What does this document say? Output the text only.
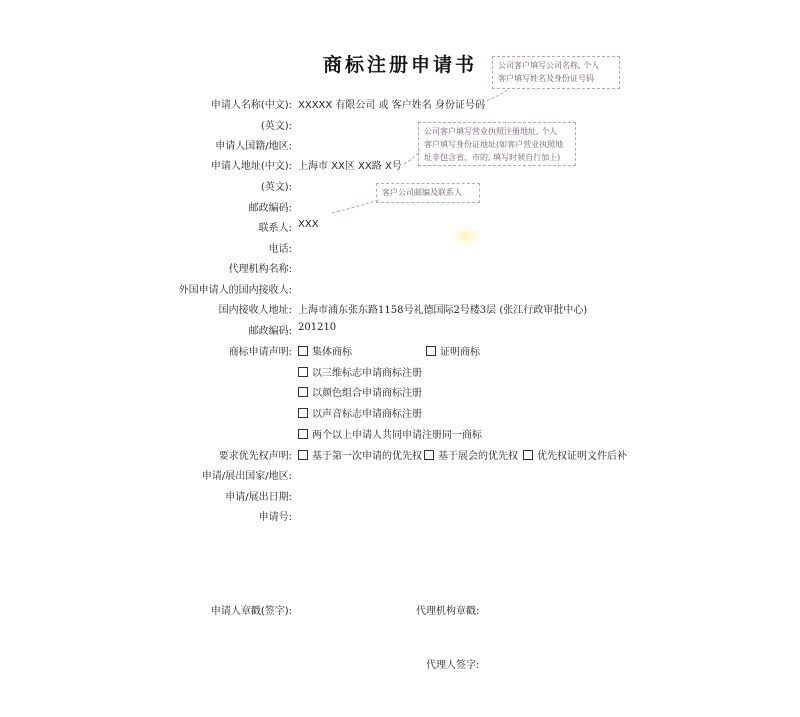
商标注册申请书
申请人名称(中文): XXXXX 有限公司 或 客户姓名 身份证号码
(英文):
申请人国籍/地区:
申请人地址(中文): 上海市 XX区 XX路 X号
(英文):
邮政编码:
联系人: XXX
电话:
代理机构名称:
外国申请人的国内接收人:
国内接收人地址: 上海市浦东张东路1158号礼德国际2号楼3层 (张江行政审批中心)
邮政编码: 201210
商标申请声明: 集体商标	证明商标
以三维标志申请商标注册
以颜色组合申请商标注册
以声音标志申请商标注册
两个以上申请人共同申请注册同一商标
要求优先权声明: 基于第一次申请的优先权 基于展会的优先权 优先权证明文件后补
申请/展出国家/地区:
申请/展出日期:
申请号:
申请人章戳(签字):	代理机构章戳:
代理人签字:
公司客户填写公司名称, 个人
客户填写姓名及身份证号码
公司客户填写营业执照注册地址, 个人
客户填写身份证地址(如客户营业执照地
址非包含省、市的, 填写时须自行加上)
客户公司邮编及联系人
